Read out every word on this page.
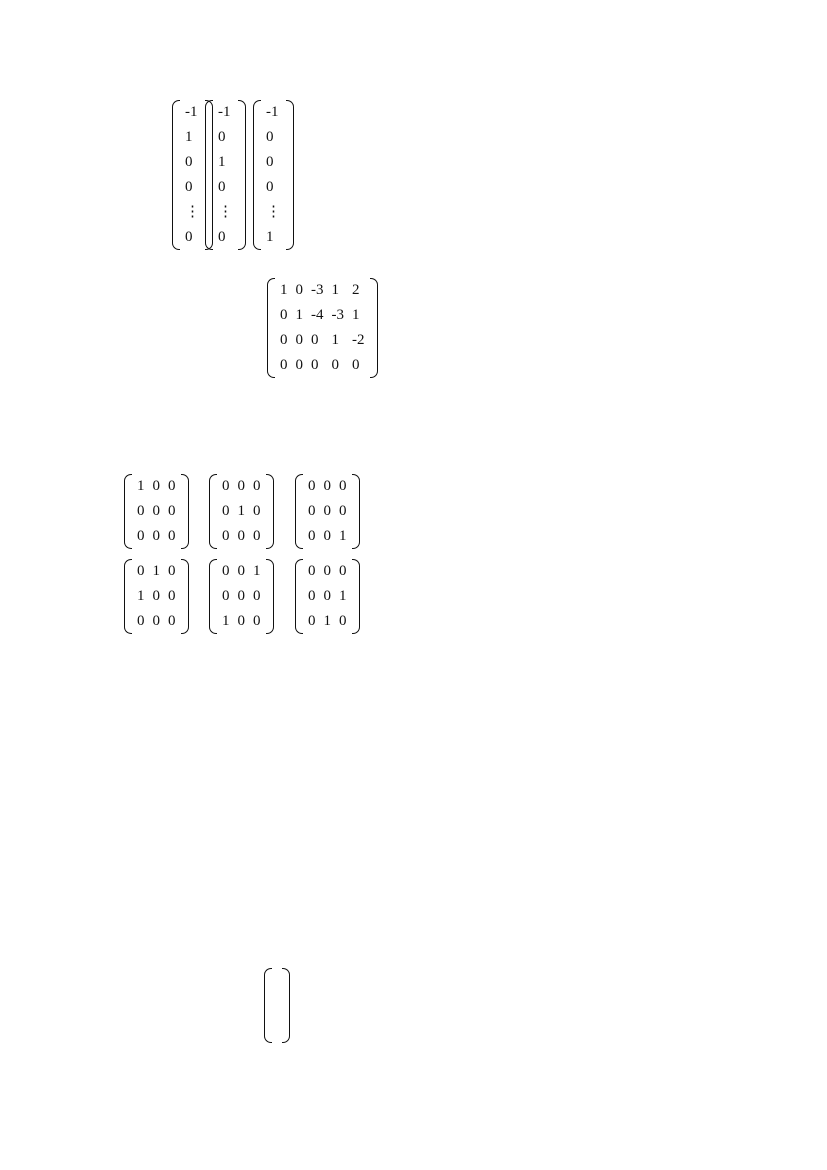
-1
1
0
0
⋮
0
-1
0
1
0
⋮
0
-1
0
0
0
⋮
1
1	0	-3	1	2
0	1	-4	-3	1
0	0	0	1	-2
0	0	0	0	0

1	0	0
0	0	0
0	0	0
0	0	0
0	1	0
0	0	0
0	0	0
0	0	0
0	0	1
0	1	0
1	0	0
0	0	0
0	0	1
0	0	0
1	0	0
0	0	0
0	0	1
0	1	0
